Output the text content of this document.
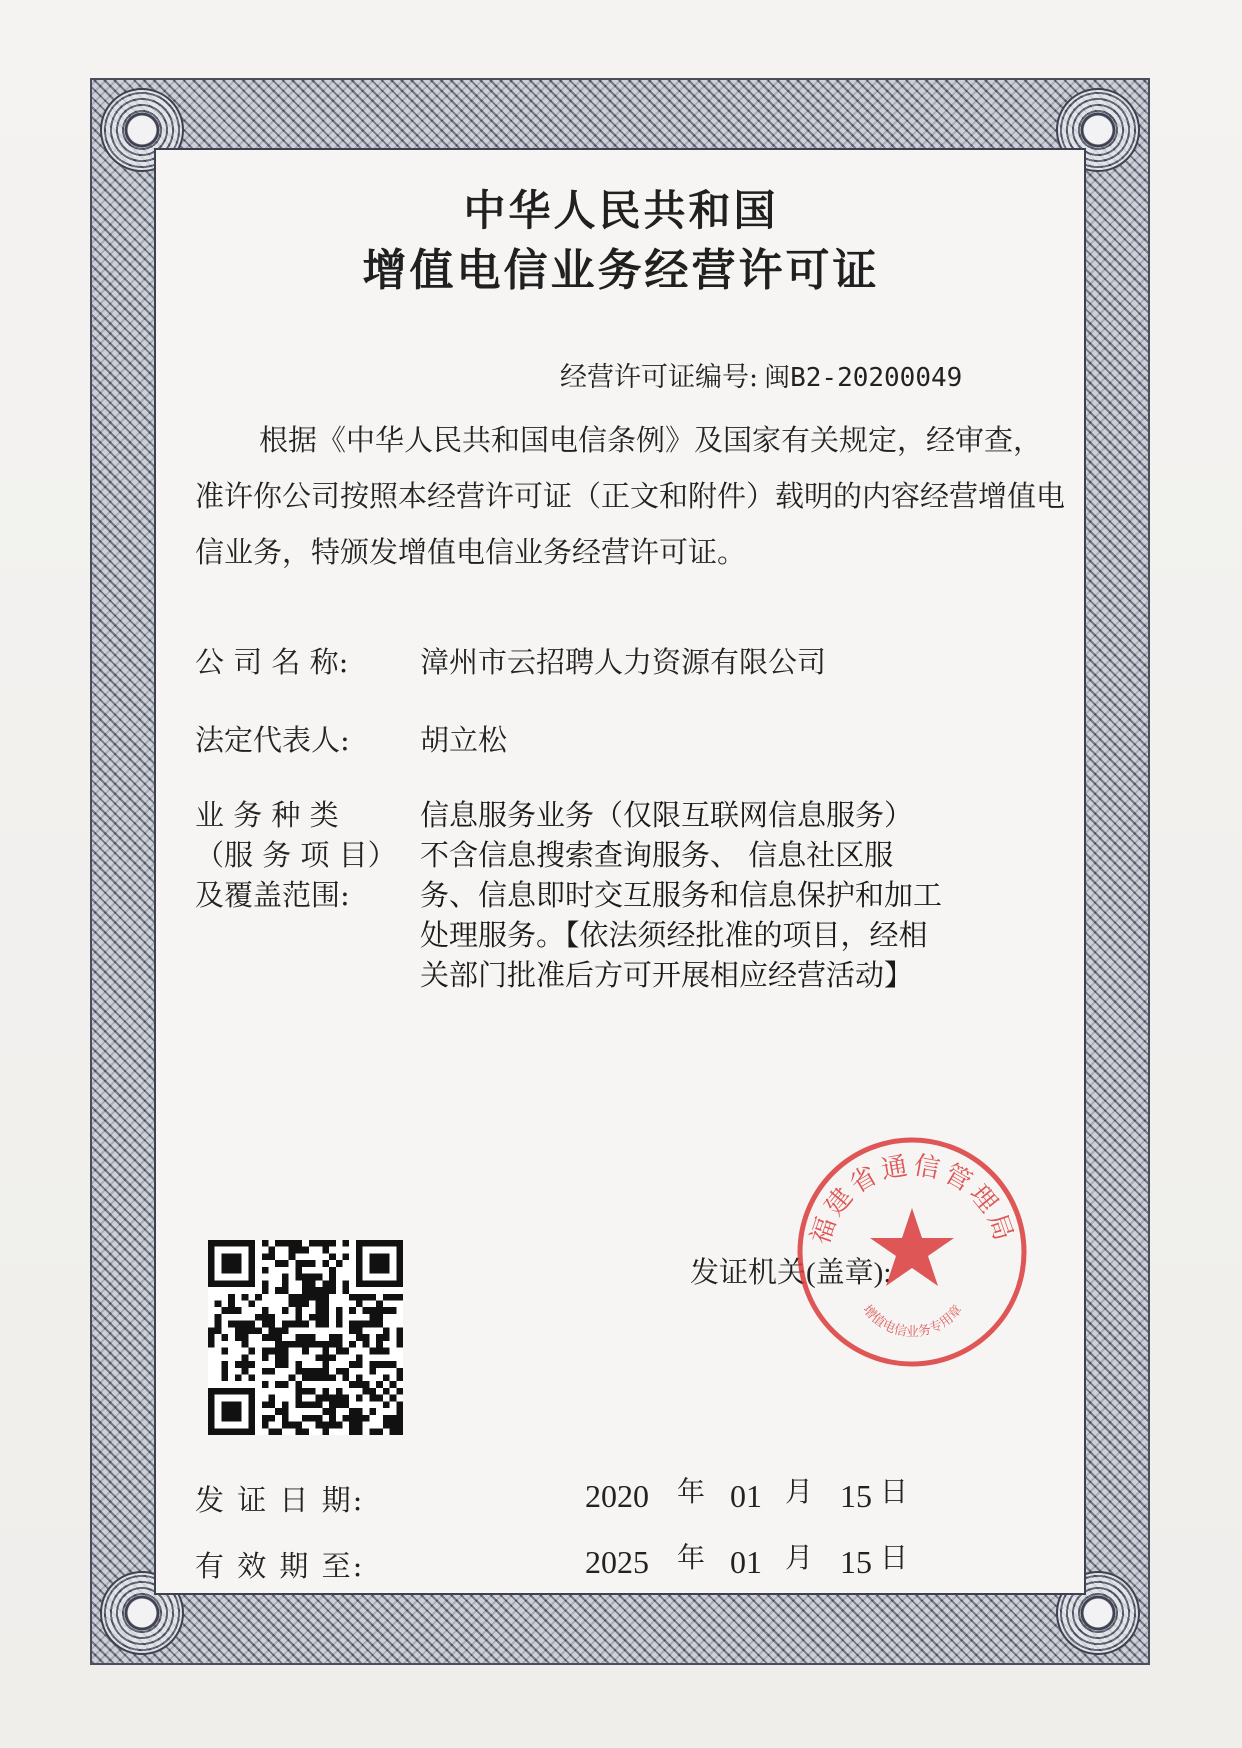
中华人民共和国
增值电信业务经营许可证
经营许可证编号: 闽B2-20200049
根据《中华人民共和国电信条例》及国家有关规定，经审查，准许你公司按照本经营许可证（正文和附件）载明的内容经营增值电信业务，特颁发增值电信业务经营许可证。
公 司 名 称: 漳州市云招聘人力资源有限公司
法定代表人: 胡立松
业 务 种 类
（服 务 项 目）
及覆盖范围:
信息服务业务（仅限互联网信息服务）
不含信息搜索查询服务、 信息社区服
务、信息即时交互服务和信息保护和加工
处理服务。【依法须经批准的项目，经相
关部门批准后方可开展相应经营活动】
发证机关(盖章):
福建省通信管理局
增值电信业务专用章
发 证 日 期:	2020 年 01 月 15 日
有 效 期 至:	2025 年 01 月 15 日
